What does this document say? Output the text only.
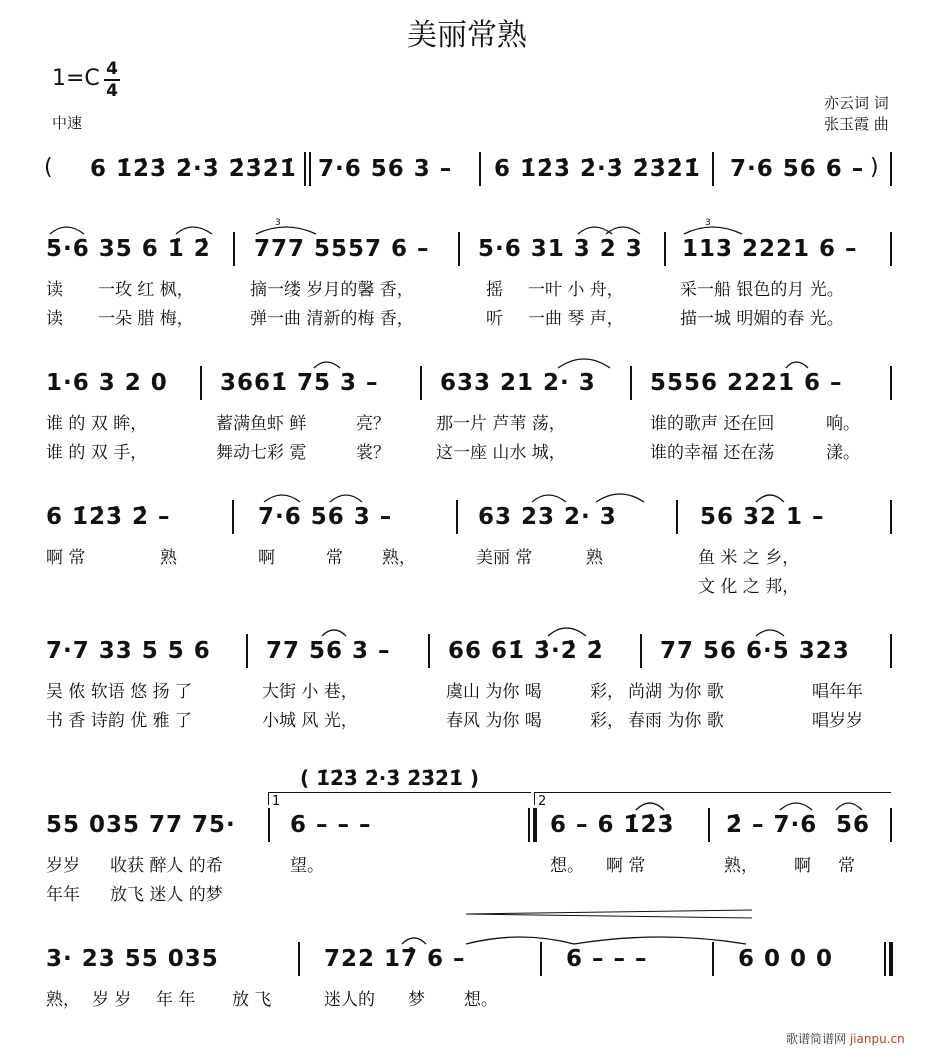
美丽常熟
1=C 4
4
中速
亦云词 词
张玉霞 曲
( 6 1̇2̇3̇ 2̇·3̇ 2̇3̇2̇1̇ 7·6 56 3 – 6 1̇2̇3̇ 2̇·3̇ 2̇3̇2̇1̇ 7·6 56 6 – )
5·6 35 6 1̇ 2̇ 777 5557 6 – 5·6 31 3 2 3 113 2221 6 –
读 一玫 红 枫，	摘一缕 岁月的馨 香，	摇 一叶 小 舟，	采一船 银色的月 光。
读 一朵 腊 梅，	弹一曲 清新的梅 香，	听 一曲 琴 声，	描一城 明媚的春 光。
1·6 3 2 0 3661̇ 75 3 –	633 21 2· 3 5556 2221 6 –
谁 的 双 眸，	蓄满鱼虾 鲜	亮？	那一片 芦苇 荡，	谁的歌声 还在回	响。
谁 的 双 手，	舞动七彩 霓	裳？	这一座 山水 城，	谁的幸福 还在荡	漾。
6 1̇2̇3̇ 2̇ –	7·6 56 3 –	63 23 2· 3	56 32 1 –
啊 常	熟	啊	常 熟，	美丽 常	熟	鱼 米 之 乡，
文 化 之 邦，
7·7 33 5 5 6 77 56 3 – 66 61̇ 3̇·2̇ 2̇ 77 56 6·5 323
吴 侬 软语 悠 扬 了	大街 小 巷，	虞山 为你 喝	彩， 尚湖 为你 歌	唱年年
书 香 诗韵 优 雅 了	小城 风 光，	春风 为你 喝	彩， 春雨 为你 歌	唱岁岁
( 1̇2̇3̇ 2̇·3̇ 2̇3̇2̇1̇ )
1	2
55 035 77 75· 6 – – –	6 – 6 1̇2̇3̇ 2̇ – 7·6 56
岁岁 收获 醉人 的希	望。	想。 啊 常	熟， 啊 常
年年 放飞 迷人 的梦
3· 23 55 035	722 17̂ 6 –	6 – – –	6 0 0 0
熟， 岁 岁 年 年 放 飞	迷人的 梦 想。
3	3
歌谱简谱网 jianpu.cn
